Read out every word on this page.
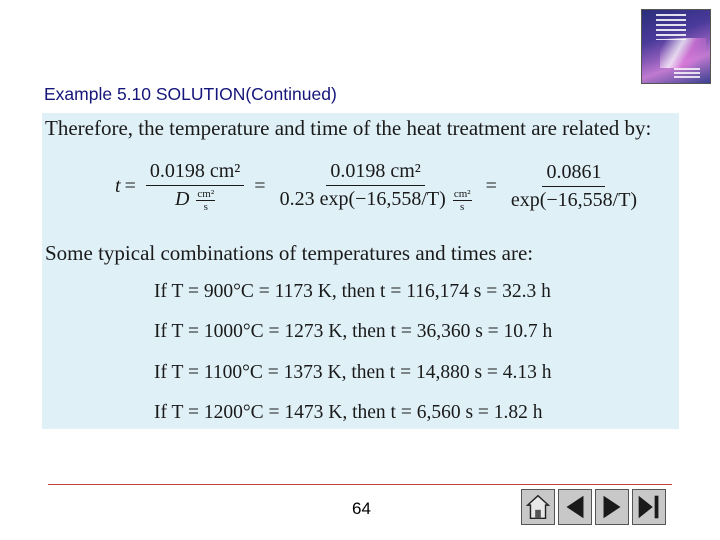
Example 5.10 SOLUTION(Continued)
Therefore, the temperature and time of the heat treatment are related by:
$t = \frac{\text{0.0198 cm²}}{D \frac{\text{cm²}}{s}} = \frac{\text{0.0198 cm²}}{0.23 \exp(-16,558/T) \frac{\text{cm²}}{s}} = \frac{0.0861}{\exp(-16,558/T)}$
Some typical combinations of temperatures and times are:
If T = 900°C = 1173 K, then t = 116,174 s = 32.3 h
If T = 1000°C = 1273 K, then t = 36,360 s = 10.7 h
If T = 1100°C = 1373 K, then t = 14,880 s = 4.13 h
If T = 1200°C = 1473 K, then t = 6,560 s = 1.82 h
64
